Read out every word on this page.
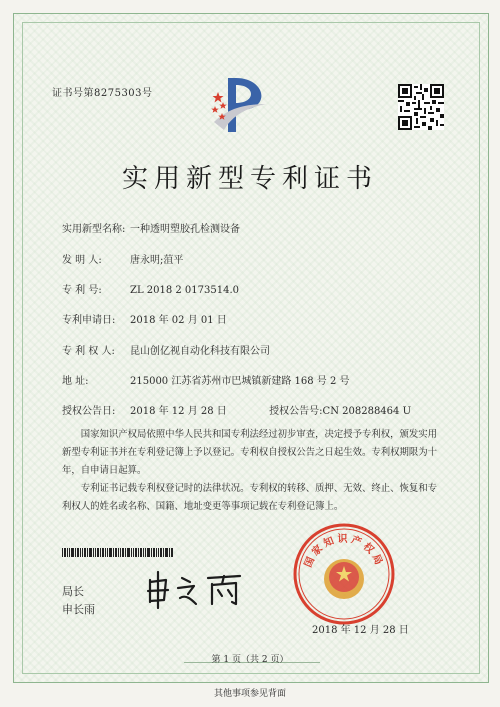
证书号第8275303号
实用新型专利证书
实用新型名称: 一种透明塑胶孔检测设备
发 明 人:	唐永明;菹平
专 利 号:	ZL 2018 2 0173514.0
专利申请日: 2018 年 02 月 01 日
专 利 权 人: 昆山创亿视自动化科技有限公司
地 址:	215000 江苏省苏州市巴城镇新建路 168 号 2 号
授权公告日: 2018 年 12 月 28 日	授权公告号:CN 208288464 U
国家知识产权局依照中华人民共和国专利法经过初步审查，决定授予专利权，颁发实用新型专利证书并在专利登记簿上予以登记。专利权自授权公告之日起生效。专利权期限为十年，自申请日起算。
专利证书记载专利权登记时的法律状况。专利权的转移、质押、无效、终止、恢复和专利权人的姓名或名称、国籍、地址变更等事项记载在专利登记簿上。
局长
申长雨
国家知识产权局
2018 年 12 月 28 日
第 1 页（共 2 页）
其他事项参见背面
